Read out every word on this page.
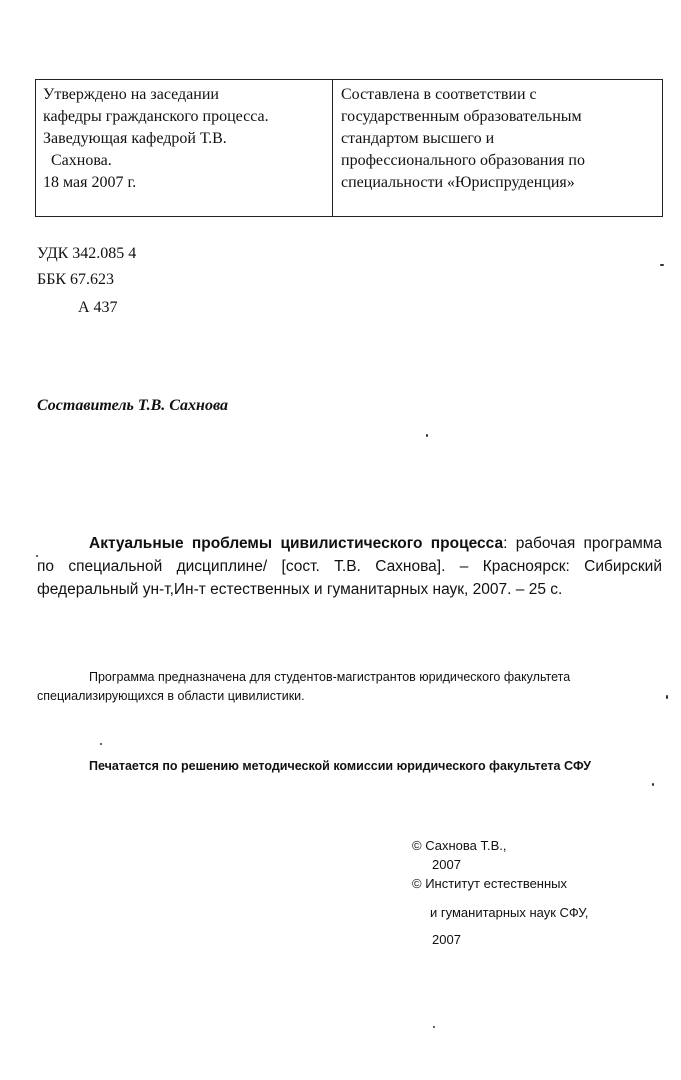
Утверждено на заседании
кафедры гражданского процесса.
Заведующая кафедрой Т.В.
Сахнова.
18 мая 2007 г.
Составлена в соответствии с
государственным образовательным
стандартом высшего и
профессионального образования по
специальности «Юриспруденция»
УДК 342.085 4
ББК 67.623
А 437
Составитель Т.В. Сахнова
Актуальные проблемы цивилистического процесса: рабочая программа по специальной дисциплине/ [сост. Т.В. Сахнова]. – Красноярск: Сибирский федеральный ун-т,Ин-т естественных и гуманитарных наук, 2007. – 25 с.
Программа предназначена для студентов-магистрантов юридического факультета
специализирующихся в области цивилистики.
Печатается по решению методической комиссии юридического факультета СФУ
© Сахнова Т.В.,
2007
© Институт естественных
и гуманитарных наук СФУ,
2007
